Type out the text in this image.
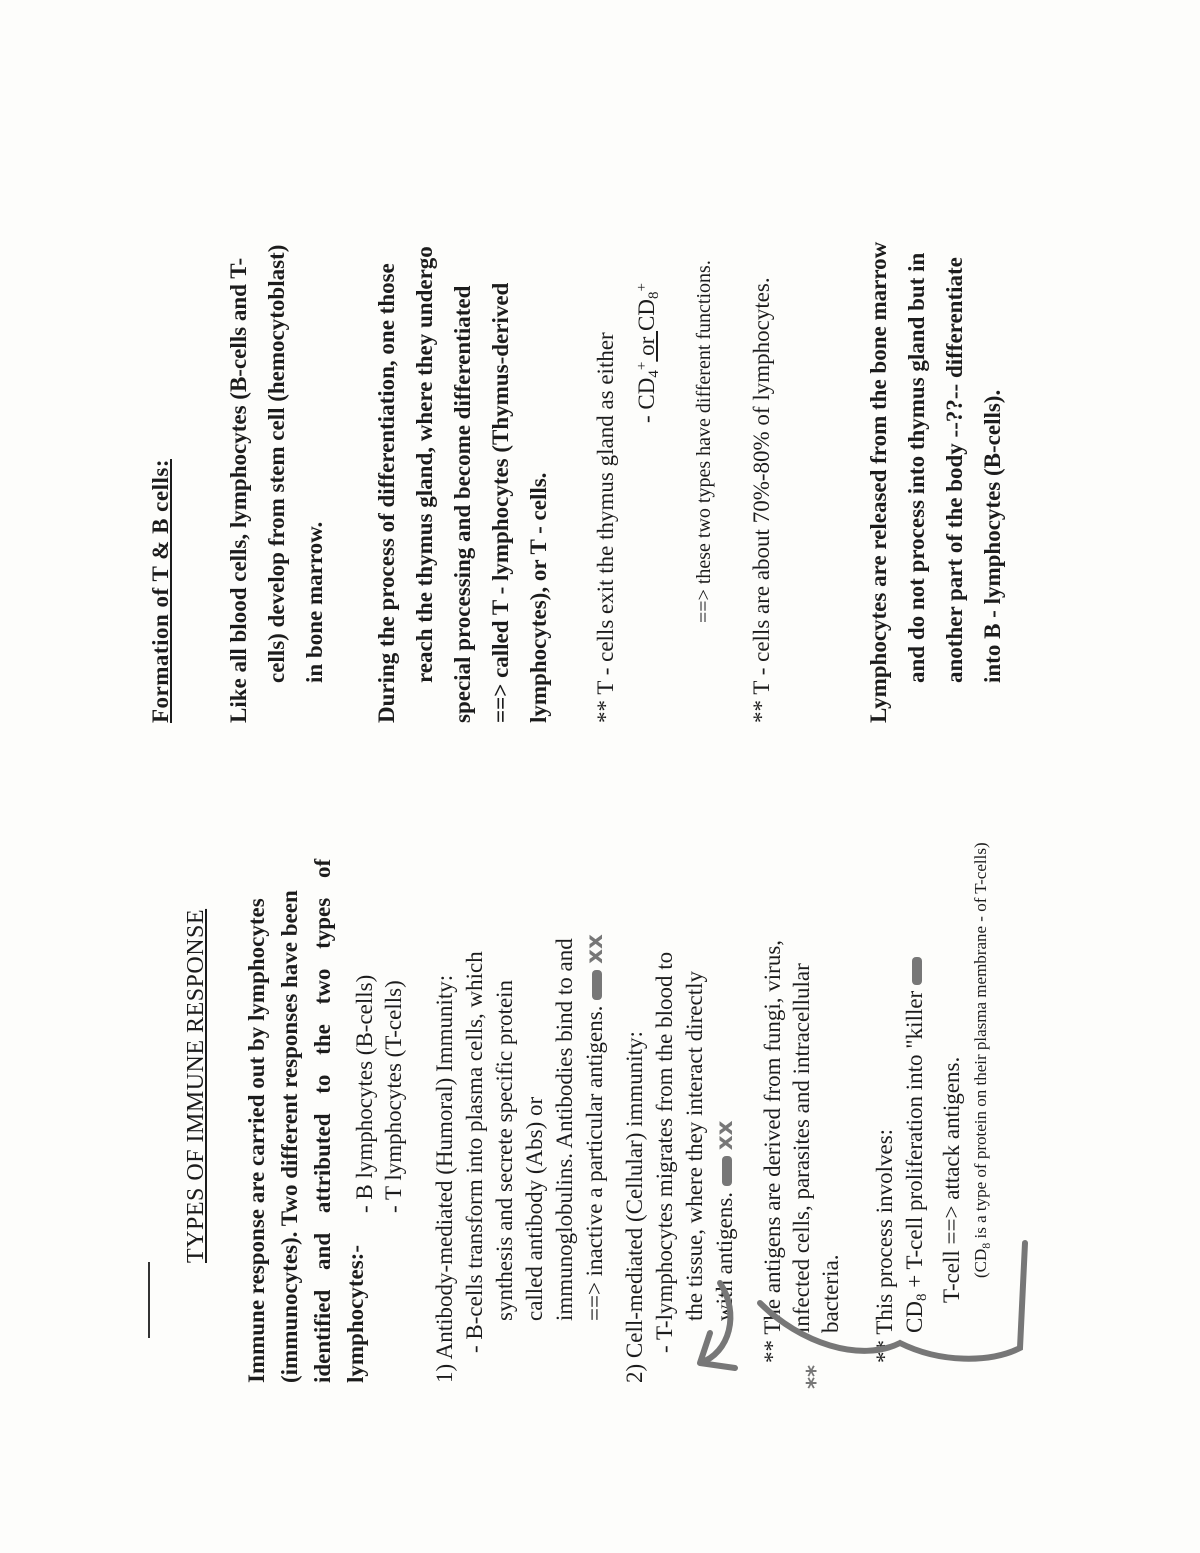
TYPES OF IMMUNE RESPONSE Immune response are carried out by lymphocytes (immunocytes). Two different responses have been identified and attributed to the two types of lymphocytes:-
- B lymphocytes (B-cells) - T lymphocytes (T-cells) 1) Antibody-mediated (Humoral) Immunity: - B-cells transform into plasma cells, which synthesis and secrete specific protein called antibody (Abs) or immunoglobulins. Antibodies bind to and ==> inactive a particular antigens. xx
2) Cell-mediated (Cellular) immunity: - T-lymphocytes migrates from the blood to the tissue, where they interact directly with antigens. xx ** The antigens are derived from fungi, virus, infected cells, parasites and intracellular bacteria.
**
** This process involves: $CD_8$ + T-cell proliferation into "killer T-cell ==> attack antigens. ($CD_8$ is a type of protein on their plasma membrane - of T-cells)
Formation of T & B cells: Like all blood cells, lymphocytes (B-cells and T- cells) develop from stem cell (hemocytoblast) in bone marrow.	During the process of differentiation, one those reach the thymus gland, where they undergo special processing and become differentiated ==> called T - lymphocytes (Thymus-derived lymphocytes), or T - cells.	** T - cells exit the thymus gland as either - $CD_4^+$ or $CD_8^+$	==> these two types have different functions.	** T - cells are about 70%-80% of lymphocytes.	Lymphocytes are released from the bone marrow and do not process into thymus gland but in another part of the body --??-- differentiate into B - lymphocytes (B-cells).
